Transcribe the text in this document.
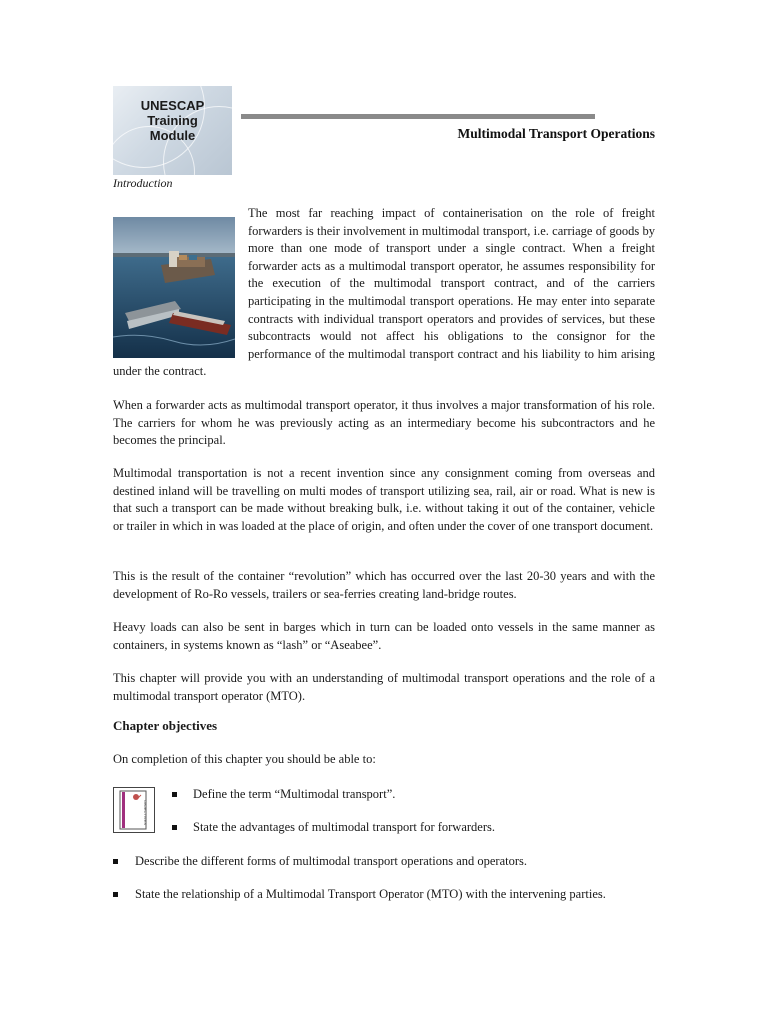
UNESCAP
Training
Module	Multimodal Transport Operations
Introduction

The most far reaching impact of containerisation on the role of freight forwarders is their involvement in multimodal transport, i.e. carriage of goods by more than one mode of transport under a single contract. When a freight forwarder acts as a multimodal transport operator, he assumes responsibility for the execution of the multimodal transport contract, and of the carriers participating in the multimodal transport operations. He may enter into separate contracts with individual transport operators and provides of services, but these subcontracts would not affect his obligations to the consignor for the performance of the multimodal transport contract and his liability to him arising under the contract.

When a forwarder acts as multimodal transport operator, it thus involves a major transformation of his role. The carriers for whom he was previously acting as an intermediary become his subcontractors and he becomes the principal.

Multimodal transportation is not a recent invention since any consignment coming from overseas and destined inland will be travelling on multi modes of transport utilizing sea, rail, air or road. What is new is that such a transport can be made without breaking bulk, i.e. without taking it out of the container, vehicle or trailer in which in was loaded at the place of origin, and often under the cover of one transport document.

This is the result of the container “revolution” which has occurred over the last 20-30 years and with the development of Ro-Ro vessels, trailers or sea-ferries creating land-bridge routes.

Heavy loads can also be sent in barges which in turn can be loaded onto vessels in the same manner as containers, in systems known as “lash” or “Aseabee”.

This chapter will provide you with an understanding of multimodal transport operations and the role of a multimodal transport operator (MTO).

Chapter objectives
On completion of this chapter you should be able to:
OBJECTIVES
Define the term “Multimodal transport”.
State the advantages of multimodal transport for forwarders.
Describe the different forms of multimodal transport operations and operators.
State the relationship of a Multimodal Transport Operator (MTO) with the intervening parties.
